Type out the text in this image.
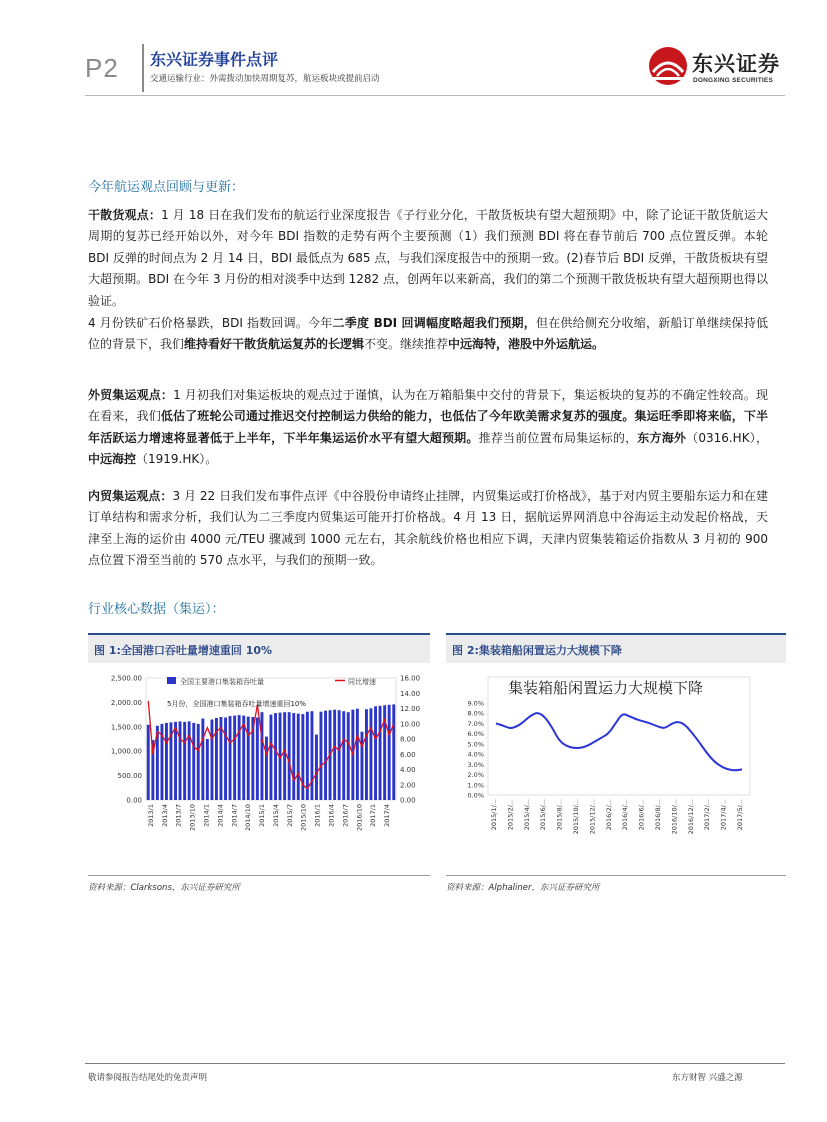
P2 东兴证券事件点评
交通运输行业：外需拨动加快周期复苏，航运板块或提前启动
东兴证券
DONGXING SECURITIES
今年航运观点回顾与更新：
干散货观点：1 月 18 日在我们发布的航运行业深度报告《子行业分化，干散货板块有望大超预期》中，除了论证干散货航运大周期的复苏已经开始以外，对今年 BDI 指数的走势有两个主要预测（1）我们预测 BDI 将在春节前后 700 点位置反弹。本轮 BDI 反弹的时间点为 2 月 14 日，BDI 最低点为 685 点，与我们深度报告中的预期一致。(2)春节后 BDI 反弹，干散货板块有望大超预期。BDI 在今年 3 月份的相对淡季中达到 1282 点，创两年以来新高，我们的第二个预测干散货板块有望大超预期也得以验证。
4 月份铁矿石价格暴跌，BDI 指数回调。今年二季度 BDI 回调幅度略超我们预期，但在供给侧充分收缩，新船订单继续保持低位的背景下，我们维持看好干散货航运复苏的长逻辑不变。继续推荐中远海特，港股中外运航运。
外贸集运观点：1 月初我们对集运板块的观点过于谨慎，认为在万箱船集中交付的背景下，集运板块的复苏的不确定性较高。现在看来，我们低估了班轮公司通过推迟交付控制运力供给的能力，也低估了今年欧美需求复苏的强度。集运旺季即将来临，下半年活跃运力增速将显著低于上半年，下半年集运运价水平有望大超预期。推荐当前位置布局集运标的，东方海外（0316.HK），中远海控（1919.HK）。
内贸集运观点：3 月 22 日我们发布事件点评《中谷股份申请终止挂牌，内贸集运或打价格战》，基于对内贸主要船东运力和在建订单结构和需求分析，我们认为二三季度内贸集运可能开打价格战。4 月 13 日，据航运界网消息中谷海运主动发起价格战，天津至上海的运价由 4000 元/TEU 骤减到 1000 元左右，其余航线价格也相应下调，天津内贸集装箱运价指数从 3 月初的 900 点位置下滑至当前的 570 点水平，与我们的预期一致。
行业核心数据（集运）：
图 1:全国港口吞吐量增速重回 10%
2,500.00
2,000.00
1,500.00
1,000.00
500.00
0.00
16.00
14.00
12.00
10.00
8.00
6.00
4.00
2.00
0.00
2013/1 2013/4 2013/7 2013/10 2014/1 2014/4 2014/7 2014/10 2015/1 2015/4 2015/7 2015/10 2016/1 2016/4 2016/7 2016/10 2017/1 2017/4
全国主要港口集装箱吞吐量	同比增速
5月份，全国港口集装箱吞吐量增速重回10%
资料来源：Clarksons，东兴证券研究所
图 2:集装箱船闲置运力大规模下降
集装箱船闲置运力大规模下降
9.0%
8.0%
7.0%
6.0%
5.0%
4.0%
3.0%
2.0%
1.0%
0.0%
2015/1/... 2015/2/... 2015/4/... 2015/6/... 2015/8/... 2015/10/... 2015/12/... 2016/2/... 2016/4/... 2016/6/... 2016/8/... 2016/10/... 2016/12/... 2017/2/... 2017/4/... 2017/5/...
资料来源：Alphaliner，东兴证券研究所
敬请参阅报告结尾处的免责声明	东方财智 兴盛之源
